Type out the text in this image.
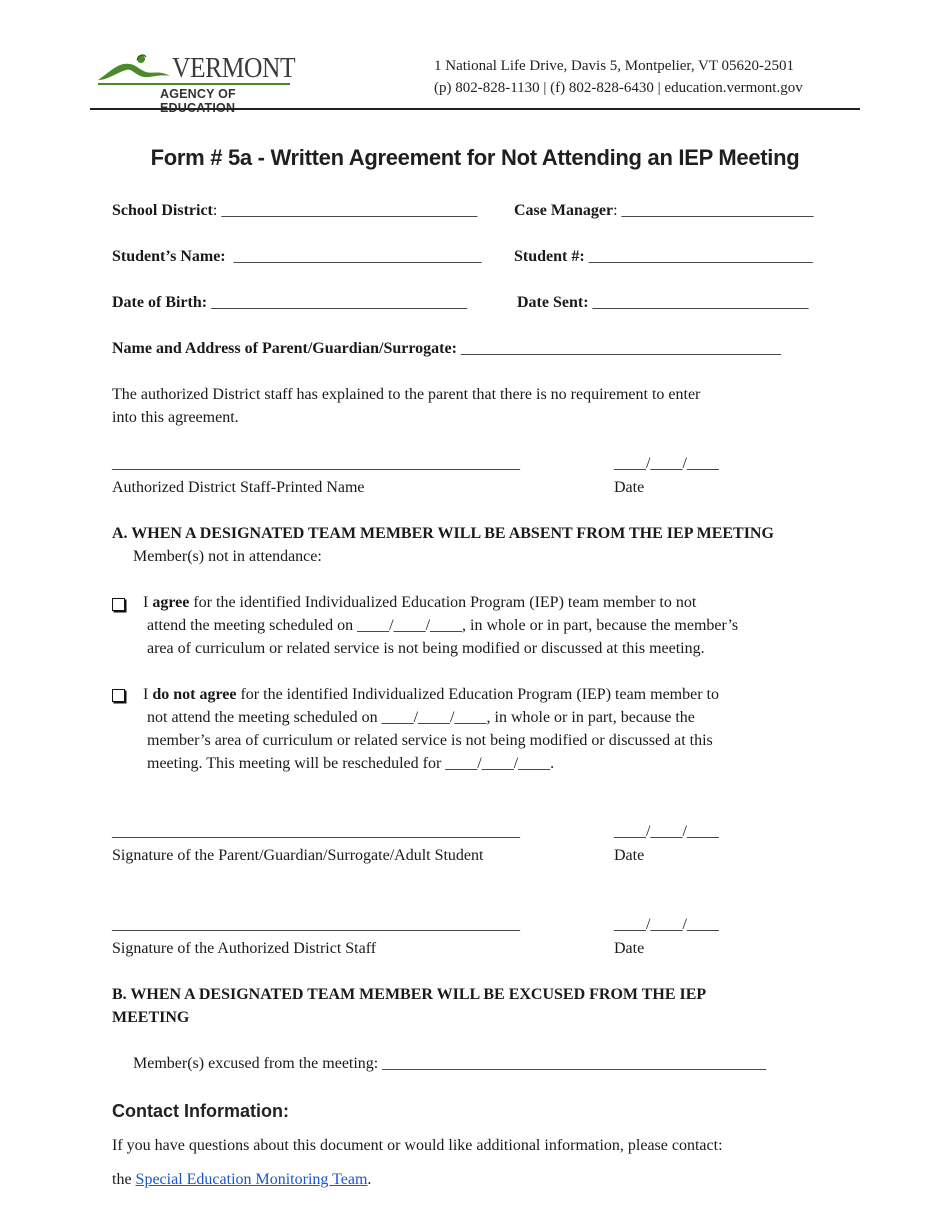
VERMONT
AGENCY OF
1 National Life Drive, Davis 5, Montpelier, VT 05620-2501
(p) 802-828-1130 | (f) 802-828-6430 | education.vermont.gov
Form # 5a - Written Agreement for Not Attending an IEP Meeting
School District: ________________________________ Case Manager: ________________________
Student’s Name: _______________________________ Student #: ____________________________
Date of Birth: ________________________________	Date Sent: ___________________________
Name and Address of Parent/Guardian/Surrogate: ________________________________________
The authorized District staff has explained to the parent that there is no requirement to enter
into this agreement.
___________________________________________________	____/____/____
Authorized District Staff-Printed Name	Date
A. WHEN A DESIGNATED TEAM MEMBER WILL BE ABSENT FROM THE IEP MEETING
Member(s) not in attendance:
I agree for the identified Individualized Education Program (IEP) team member to not
attend the meeting scheduled on ____/____/____, in whole or in part, because the member’s
area of curriculum or related service is not being modified or discussed at this meeting.
I do not agree for the identified Individualized Education Program (IEP) team member to
not attend the meeting scheduled on ____/____/____, in whole or in part, because the
member’s area of curriculum or related service is not being modified or discussed at this
meeting. This meeting will be rescheduled for ____/____/____.
___________________________________________________	____/____/____
Signature of the Parent/Guardian/Surrogate/Adult Student	Date
___________________________________________________	____/____/____
Signature of the Authorized District Staff	Date
B. WHEN A DESIGNATED TEAM MEMBER WILL BE EXCUSED FROM THE IEP
MEETING
Member(s) excused from the meeting: ________________________________________________
Contact Information:
If you have questions about this document or would like additional information, please contact:
the Special Education Monitoring Team.
